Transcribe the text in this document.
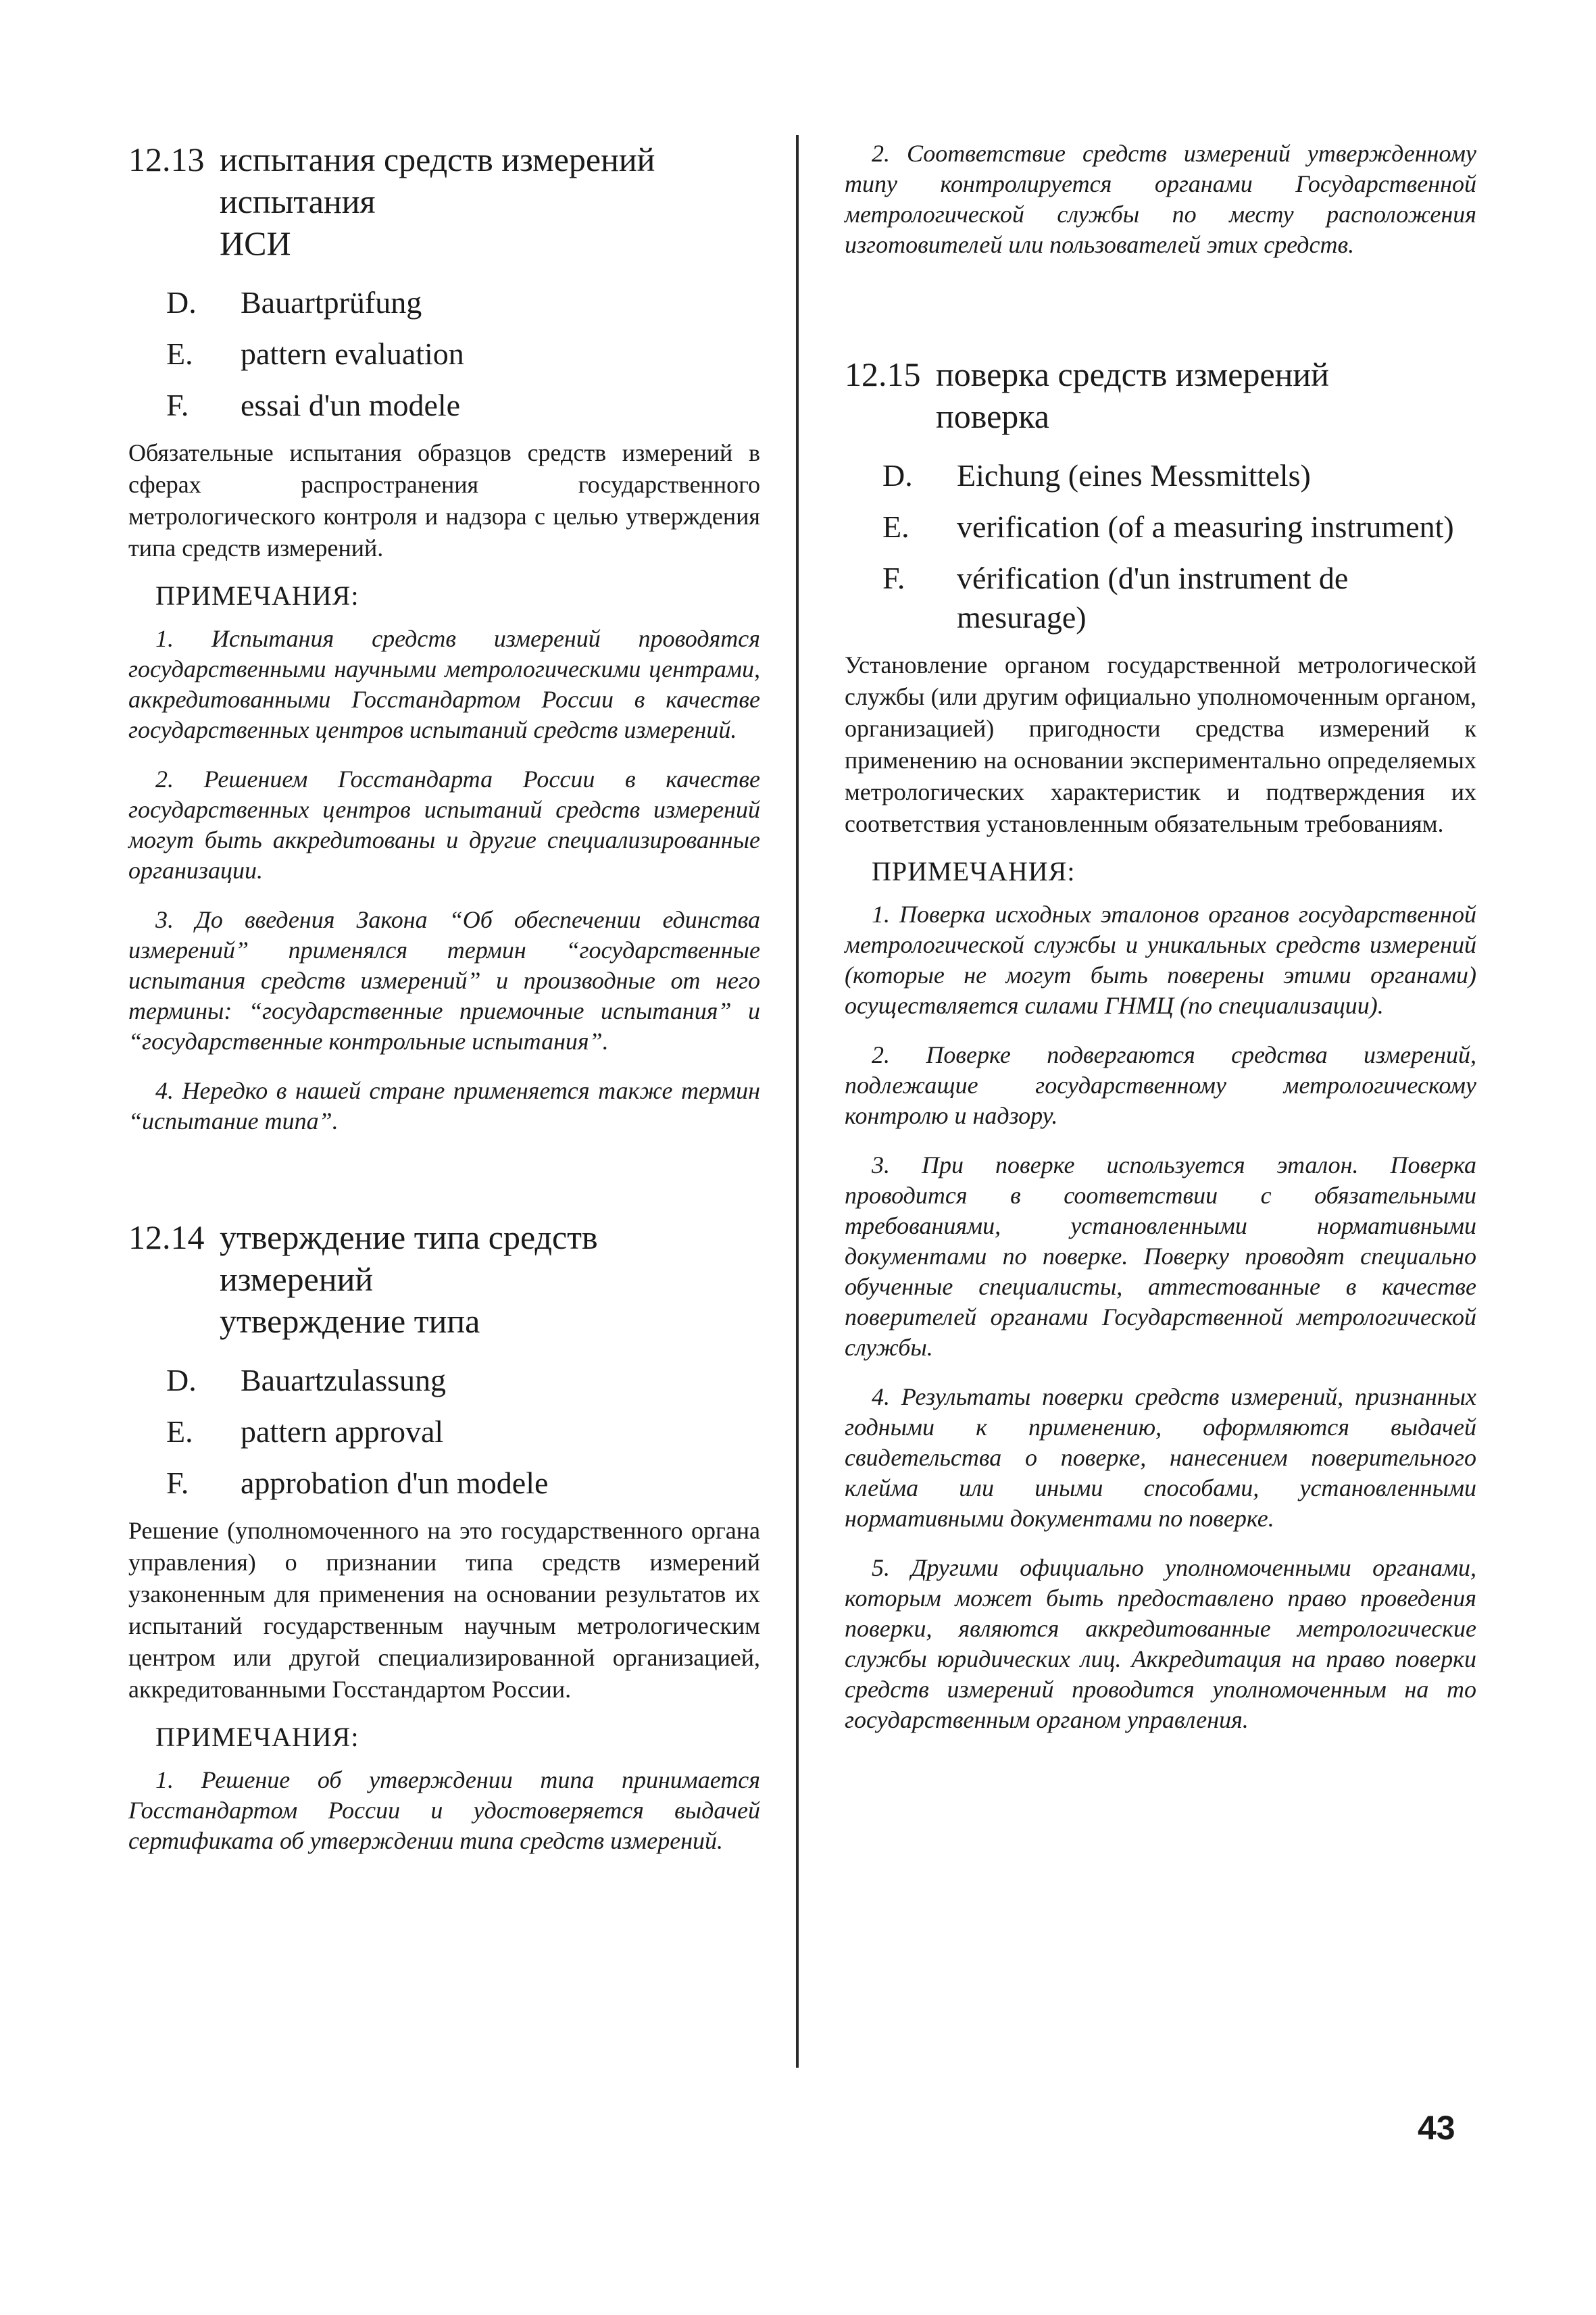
12.13 испытания средств измерений
испытания
ИСИ
D.	Bauartprüfung
E.	pattern evaluation
F.	essai d'un modele
Обязательные испытания образцов средств измерений в сферах распространения государственного метрологического контроля и надзора с целью утверждения типа средств измерений.
ПРИМЕЧАНИЯ:
1. Испытания средств измерений проводятся государственными научными метрологическими центрами, аккредитованными Госстандартом России в качестве государственных центров испытаний средств измерений.
2. Решением Госстандарта России в качестве государственных центров испытаний средств измерений могут быть аккредитованы и другие специализированные организации.
3. До введения Закона “Об обеспечении единства измерений” применялся термин “государственные испытания средств измерений” и производные от него термины: “государственные приемочные испытания” и “государственные контрольные испытания”.
4. Нередко в нашей стране применяется также термин “испытание типа”.
12.14 утверждение типа средств
измерений
утверждение типа
D.	Bauartzulassung
E.	pattern approval
F.	approbation d'un modele
Решение (уполномоченного на это государственного органа управления) о признании типа средств измерений узаконенным для применения на основании результатов их испытаний государственным научным метрологическим центром или другой специализированной организацией, аккредитованными Госстандартом России.
ПРИМЕЧАНИЯ:
1. Решение об утверждении типа принимается Госстандартом России и удостоверяется выдачей сертификата об утверждении типа средств измерений.
2. Соответствие средств измерений утвержденному типу контролируется органами Государственной метрологической службы по месту расположения изготовителей или пользователей этих средств.
12.15 поверка средств измерений
поверка
D.	Eichung (eines Messmittels)
E.	verification (of a measuring instrument)
F.	vérification (d'un instrument de mesurage)
Установление органом государственной метрологической службы (или другим официально уполномоченным органом, организацией) пригодности средства измерений к применению на основании экспериментально определяемых метрологических характеристик и подтверждения их соответствия установленным обязательным требованиям.
ПРИМЕЧАНИЯ:
1. Поверка исходных эталонов органов государственной метрологической службы и уникальных средств измерений (которые не могут быть поверены этими органами) осуществляется силами ГНМЦ (по специализации).
2. Поверке подвергаются средства измерений, подлежащие государственному метрологическому контролю и надзору.
3. При поверке используется эталон. Поверка проводится в соответствии с обязательными требованиями, установленными нормативными документами по поверке. Поверку проводят специально обученные специалисты, аттестованные в качестве поверителей органами Государственной метрологической службы.
4. Результаты поверки средств измерений, признанных годными к применению, оформляются выдачей свидетельства о поверке, нанесением поверительного клейма или иными способами, установленными нормативными документами по поверке.
5. Другими официально уполномоченными органами, которым может быть предоставлено право проведения поверки, являются аккредитованные метрологические службы юридических лиц. Аккредитация на право поверки средств измерений проводится уполномоченным на то государственным органом управления.
43
